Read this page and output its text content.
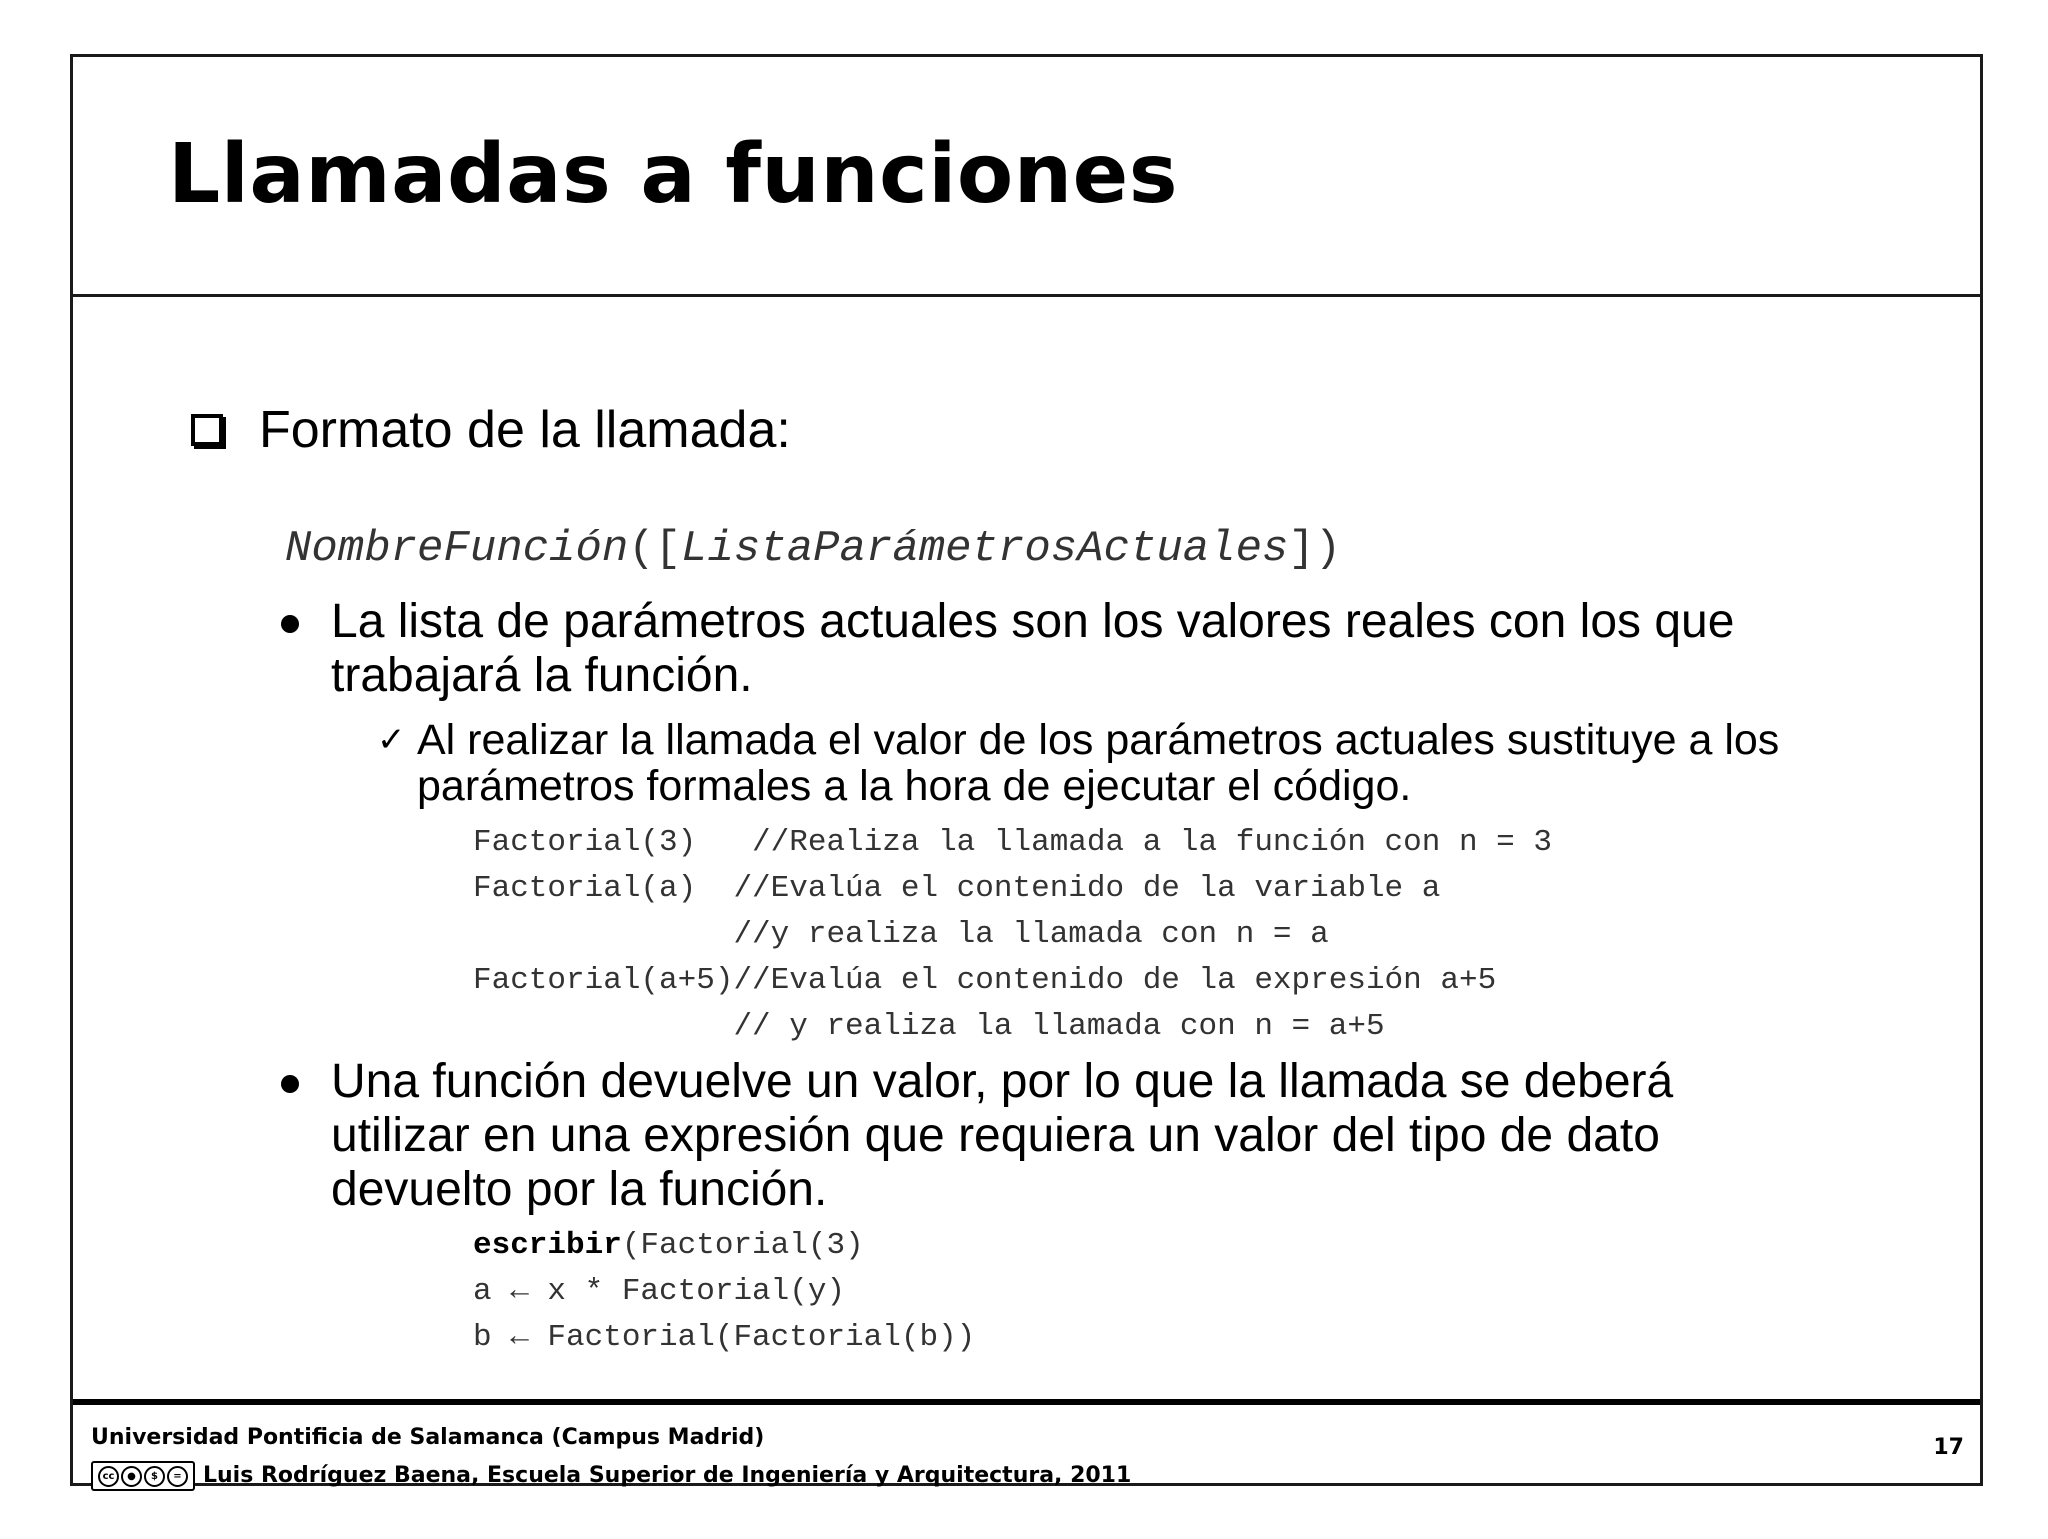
Llamadas a funciones
Formato de la llamada:
NombreFunción([ListaParámetrosActuales])
La lista de parámetros actuales son los valores reales con los que
trabajará la función.
✓ Al realizar la llamada el valor de los parámetros actuales sustituye a los
parámetros formales a la hora de ejecutar el código.
Factorial(3)   //Realiza la llamada a la función con n = 3
Factorial(a)  //Evalúa el contenido de la variable a
//y realiza la llamada con n = a
Factorial(a+5)//Evalúa el contenido de la expresión a+5
// y realiza la llamada con n = a+5
Una función devuelve un valor, por lo que la llamada se deberá
utilizar en una expresión que requiera un valor del tipo de dato
devuelto por la función.
escribir(Factorial(3)
a ← x * Factorial(y)
b ← Factorial(Factorial(b))
Universidad Pontificia de Salamanca (Campus Madrid)
cc	●	$	= Luis Rodríguez Baena, Escuela Superior de Ingeniería y Arquitectura, 2011
17
